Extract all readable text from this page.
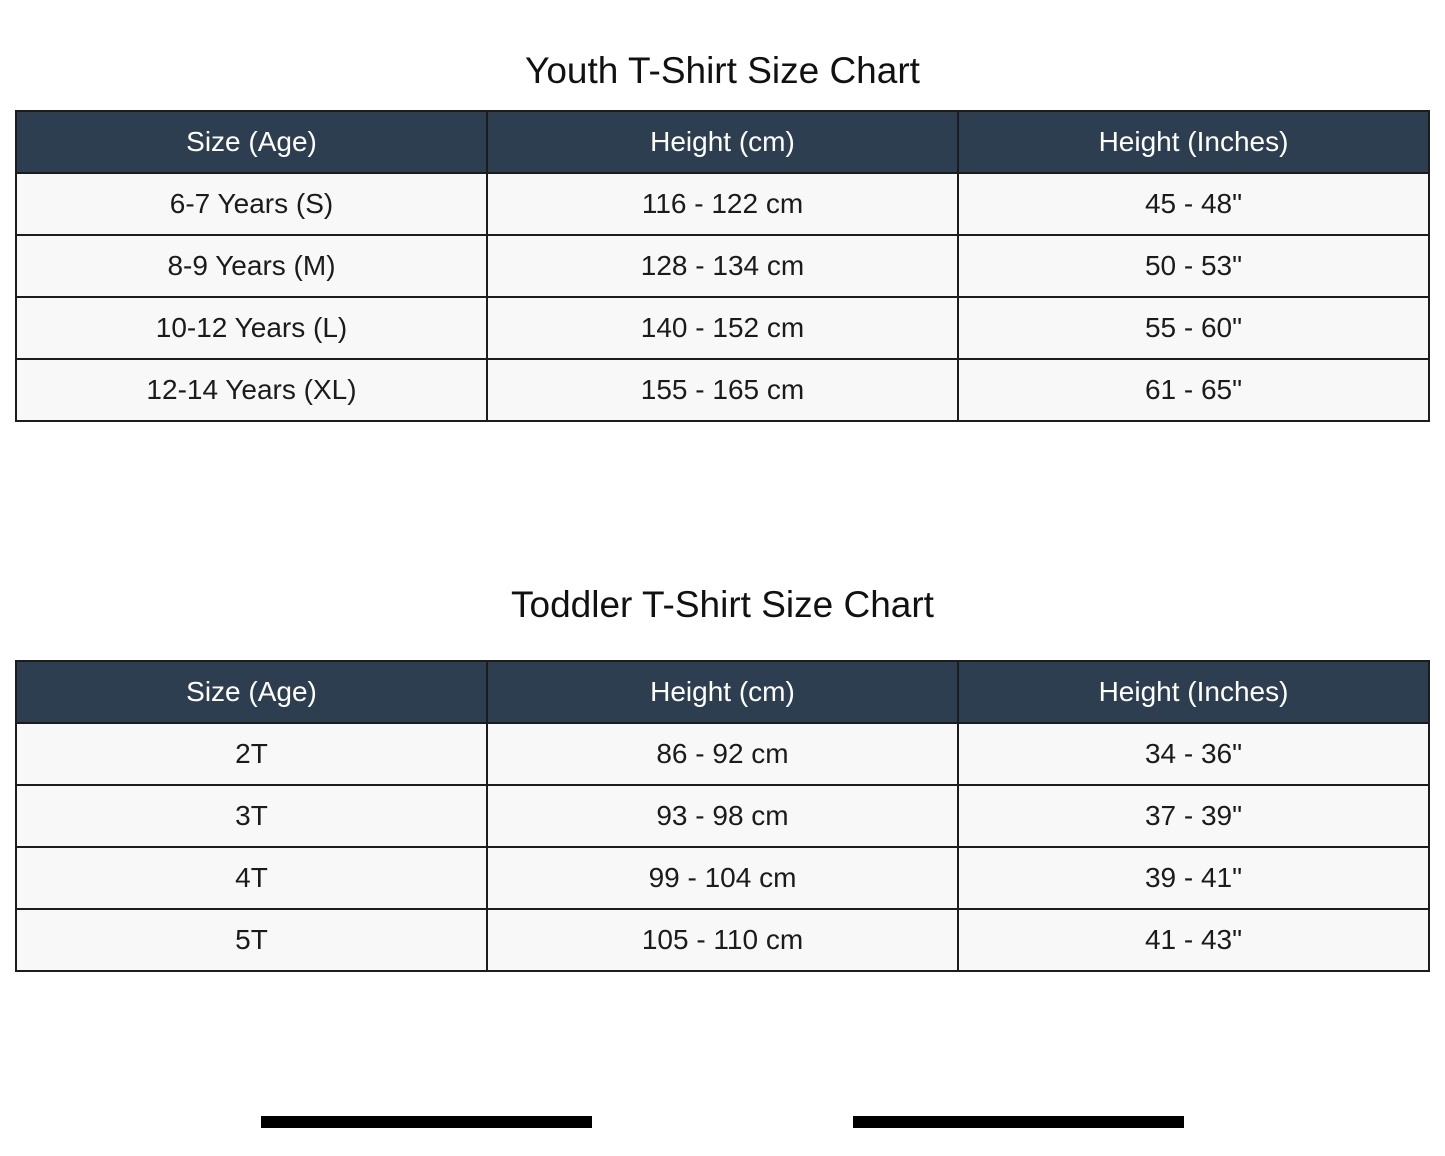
Youth T-Shirt Size Chart
Size (Age)	Height (cm)	Height (Inches)
6-7 Years (S)	116 - 122 cm	45 - 48"
8-9 Years (M)	128 - 134 cm	50 - 53"
10-12 Years (L)	140 - 152 cm	55 - 60"
12-14 Years (XL)	155 - 165 cm	61 - 65"
Toddler T-Shirt Size Chart
Size (Age)	Height (cm)	Height (Inches)
2T	86 - 92 cm	34 - 36"
3T	93 - 98 cm	37 - 39"
4T	99 - 104 cm	39 - 41"
5T	105 - 110 cm	41 - 43"
